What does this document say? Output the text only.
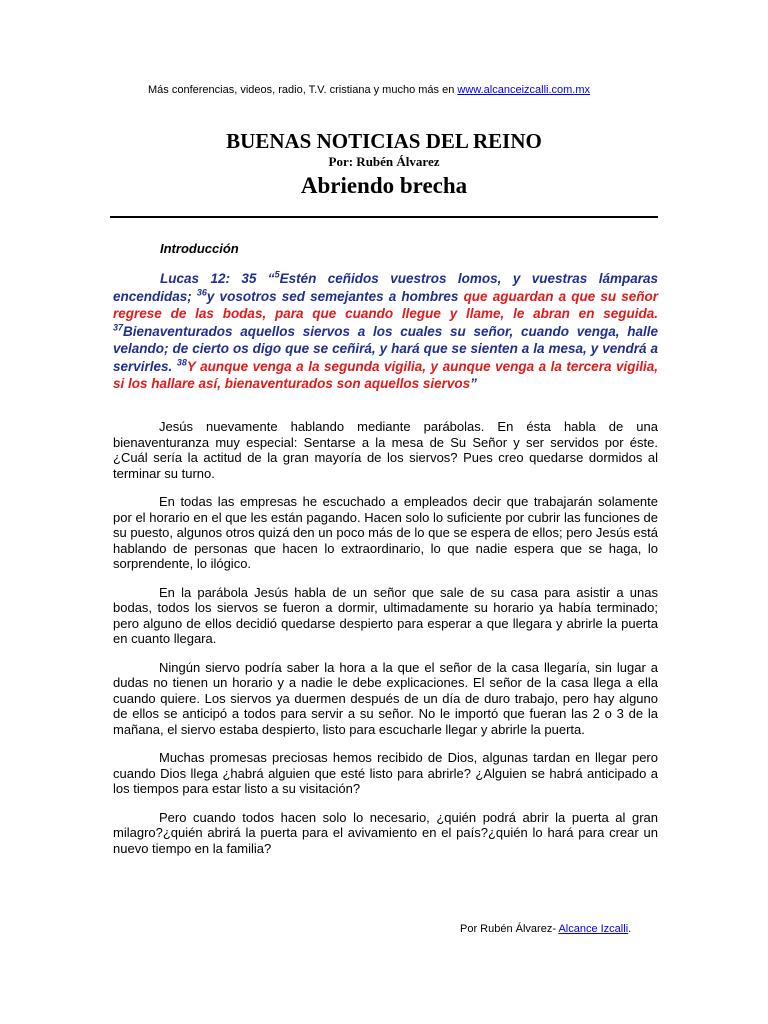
Más conferencias, videos, radio, T.V. cristiana y mucho más en www.alcanceizcalli.com.mx
BUENAS NOTICIAS DEL REINO
Por: Rubén Álvarez
Abriendo brecha
Introducción
Lucas 12: 35 “$^5$Estén ceñidos vuestros lomos, y vuestras lámparas encendidas; $^{36}$y vosotros sed semejantes a hombres que aguardan a que su señor regrese de las bodas, para que cuando llegue y llame, le abran en seguida. $^{37}$Bienaventurados aquellos siervos a los cuales su señor, cuando venga, halle velando; de cierto os digo que se ceñirá, y hará que se sienten a la mesa, y vendrá a servirles. $^{38}$Y aunque venga a la segunda vigilia, y aunque venga a la tercera vigilia, si los hallare así, bienaventurados son aquellos siervos”

Jesús nuevamente hablando mediante parábolas. En ésta habla de una bienaventuranza muy especial: Sentarse a la mesa de Su Señor y ser servidos por éste. ¿Cuál sería la actitud de la gran mayoría de los siervos? Pues creo quedarse dormidos al terminar su turno.

En todas las empresas he escuchado a empleados decir que trabajarán solamente por el horario en el que les están pagando. Hacen solo lo suficiente por cubrir las funciones de su puesto, algunos otros quizá den un poco más de lo que se espera de ellos; pero Jesús está hablando de personas que hacen lo extraordinario, lo que nadie espera que se haga, lo sorprendente, lo ilógico.

En la parábola Jesús habla de un señor que sale de su casa para asistir a unas bodas, todos los siervos se fueron a dormir, ultimadamente su horario ya había terminado; pero alguno de ellos decidió quedarse despierto para esperar a que llegara y abrirle la puerta en cuanto llegara.

Ningún siervo podría saber la hora a la que el señor de la casa llegaría, sin lugar a dudas no tienen un horario y a nadie le debe explicaciones. El señor de la casa llega a ella cuando quiere. Los siervos ya duermen después de un día de duro trabajo, pero hay alguno de ellos se anticipó a todos para servir a su señor. No le importó que fueran las 2 o 3 de la mañana, el siervo estaba despierto, listo para escucharle llegar y abrirle la puerta.

Muchas promesas preciosas hemos recibido de Dios, algunas tardan en llegar pero cuando Dios llega ¿habrá alguien que esté listo para abrirle? ¿Alguien se habrá anticipado a los tiempos para estar listo a su visitación?

Pero cuando todos hacen solo lo necesario, ¿quién podrá abrir la puerta al gran milagro?¿quién abrirá la puerta para el avivamiento en el país?¿quién lo hará para crear un nuevo tiempo en la familia?

Por Rubén Álvarez- Alcance Izcalli.
